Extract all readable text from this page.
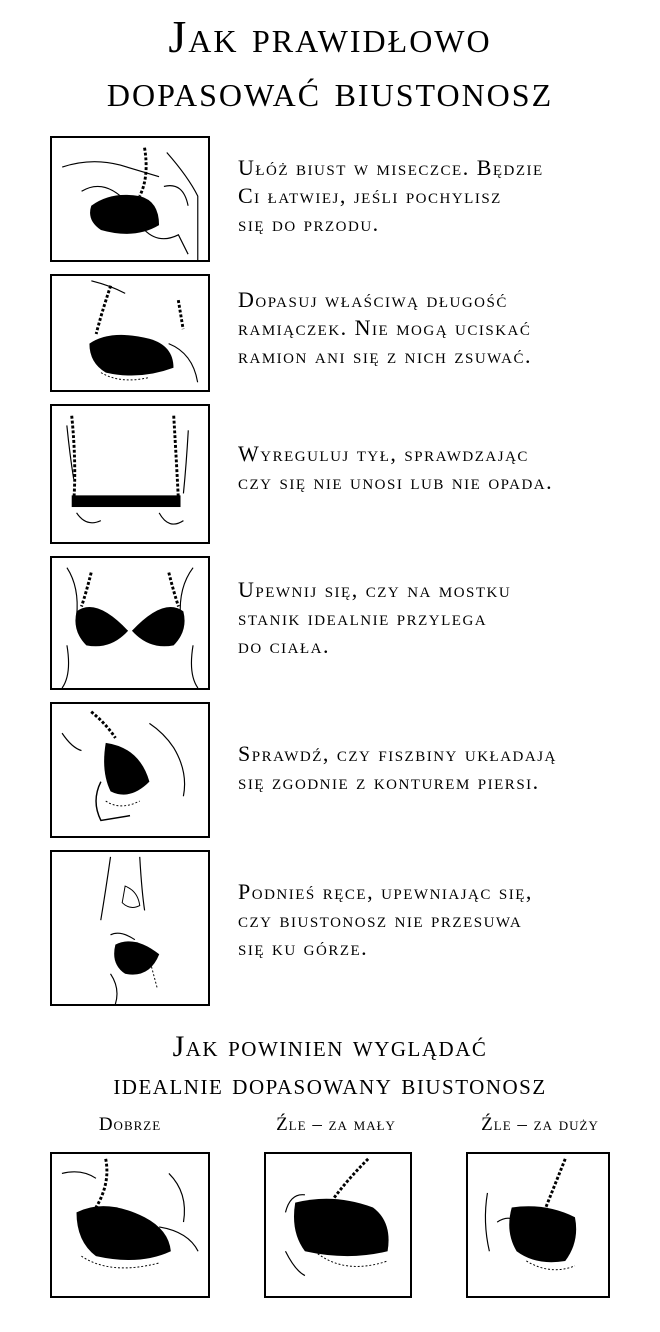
Jak prawidłowo
dopasować biustonosz
Ułóż biust w miseczce. Będzie
Ci łatwiej, jeśli pochylisz
się do przodu.
Dopasuj właściwą długość
ramiączek. Nie mogą uciskać
ramion ani się z nich zsuwać.
Wyreguluj tył, sprawdzając
czy się nie unosi lub nie opada.
Upewnij się, czy na mostku
stanik idealnie przylega
do ciała.
Sprawdź, czy fiszbiny układają
się zgodnie z konturem piersi.
Podnieś ręce, upewniając się,
czy biustonosz nie przesuwa
się ku górze.
Jak powinien wyglądać
idealnie dopasowany biustonosz
Dobrze	Źle – za mały	Źle – za duży
